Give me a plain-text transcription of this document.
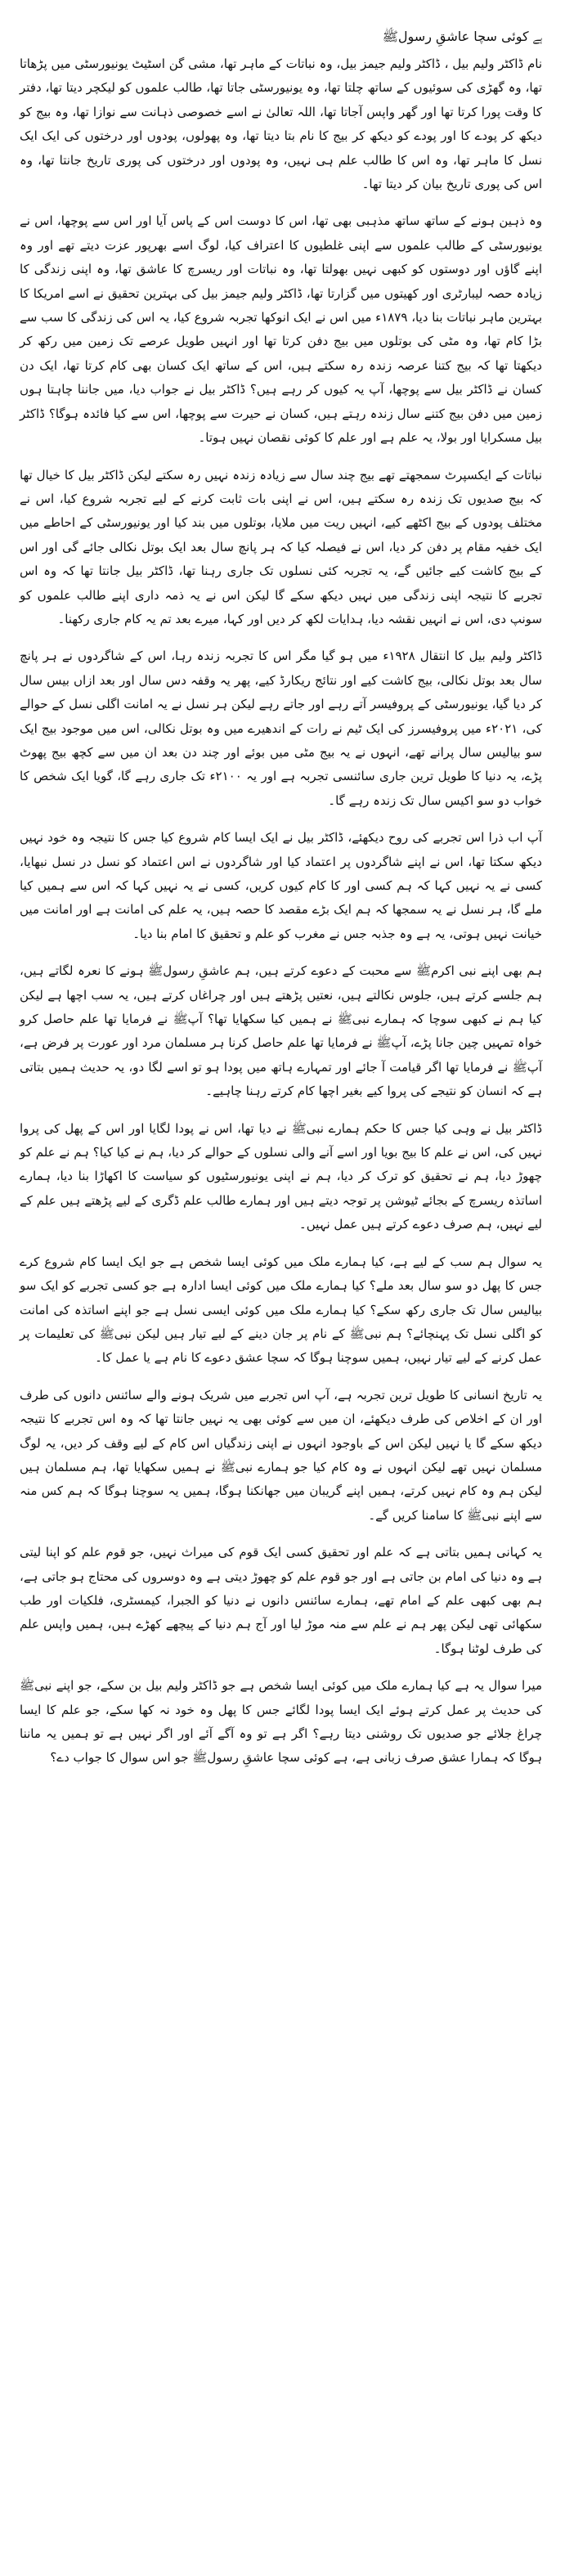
ہے کوئی سچا عاشقِ رسولﷺ

نام ڈاکٹر ولیم بیل ، ڈاکٹر ولیم جیمز بیل، وہ نباتات کے ماہر تھا، مشی گن اسٹیٹ یونیورسٹی میں پڑھاتا تھا، وہ گھڑی کی سوئیوں کے ساتھ چلتا تھا، وہ یونیورسٹی جاتا تھا، طالب علموں کو لیکچر دیتا تھا، دفتر کا وقت پورا کرتا تھا اور گھر واپس آجاتا تھا، اللہ تعالیٰ نے اسے خصوصی ذہانت سے نوازا تھا، وہ بیج کو دیکھ کر پودے کا اور پودے کو دیکھ کر بیج کا نام بتا دیتا تھا، وہ پھولوں، پودوں اور درختوں کی ایک ایک نسل کا ماہر تھا، وہ اس کا طالب علم ہی نہیں، وہ پودوں اور درختوں کی پوری تاریخ جانتا تھا، وہ اس کی پوری تاریخ بیان کر دیتا تھا۔

وہ ذہین ہونے کے ساتھ ساتھ مذہبی بھی تھا، اس کا دوست اس کے پاس آیا اور اس سے پوچھا، اس نے یونیورسٹی کے طالب علموں سے اپنی غلطیوں کا اعتراف کیا، لوگ اسے بھرپور عزت دیتے تھے اور وہ اپنے گاؤں اور دوستوں کو کبھی نہیں بھولتا تھا، وہ نباتات اور ریسرچ کا عاشق تھا، وہ اپنی زندگی کا زیادہ حصہ لیبارٹری اور کھیتوں میں گزارتا تھا، ڈاکٹر ولیم جیمز بیل کی بہترین تحقیق نے اسے امریکا کا بہترین ماہر نباتات بنا دیا، ۱۸۷۹ء میں اس نے ایک انوکھا تجربہ شروع کیا، یہ اس کی زندگی کا سب سے بڑا کام تھا، وہ مٹی کی بوتلوں میں بیج دفن کرتا تھا اور انہیں طویل عرصے تک زمین میں رکھ کر دیکھتا تھا کہ بیج کتنا عرصہ زندہ رہ سکتے ہیں، اس کے ساتھ ایک کسان بھی کام کرتا تھا، ایک دن کسان نے ڈاکٹر بیل سے پوچھا، آپ یہ کیوں کر رہے ہیں؟ ڈاکٹر بیل نے جواب دیا، میں جاننا چاہتا ہوں زمین میں دفن بیج کتنے سال زندہ رہتے ہیں، کسان نے حیرت سے پوچھا، اس سے کیا فائدہ ہوگا؟ ڈاکٹر بیل مسکرایا اور بولا، یہ علم ہے اور علم کا کوئی نقصان نہیں ہوتا۔

نباتات کے ایکسپرٹ سمجھتے تھے بیج چند سال سے زیادہ زندہ نہیں رہ سکتے لیکن ڈاکٹر بیل کا خیال تھا کہ بیج صدیوں تک زندہ رہ سکتے ہیں، اس نے اپنی بات ثابت کرنے کے لیے تجربہ شروع کیا، اس نے مختلف پودوں کے بیج اکٹھے کیے، انہیں ریت میں ملایا، بوتلوں میں بند کیا اور یونیورسٹی کے احاطے میں ایک خفیہ مقام پر دفن کر دیا، اس نے فیصلہ کیا کہ ہر پانچ سال بعد ایک بوتل نکالی جائے گی اور اس کے بیج کاشت کیے جائیں گے، یہ تجربہ کئی نسلوں تک جاری رہنا تھا، ڈاکٹر بیل جانتا تھا کہ وہ اس تجربے کا نتیجہ اپنی زندگی میں نہیں دیکھ سکے گا لیکن اس نے یہ ذمہ داری اپنے طالب علموں کو سونپ دی، اس نے انہیں نقشہ دیا، ہدایات لکھ کر دیں اور کہا، میرے بعد تم یہ کام جاری رکھنا۔

ڈاکٹر ولیم بیل کا انتقال ۱۹۲۸ء میں ہو گیا مگر اس کا تجربہ زندہ رہا، اس کے شاگردوں نے ہر پانچ سال بعد بوتل نکالی، بیج کاشت کیے اور نتائج ریکارڈ کیے، پھر یہ وقفہ دس سال اور بعد ازاں بیس سال کر دیا گیا، یونیورسٹی کے پروفیسر آتے رہے اور جاتے رہے لیکن ہر نسل نے یہ امانت اگلی نسل کے حوالے کی، ۲۰۲۱ء میں پروفیسرز کی ایک ٹیم نے رات کے اندھیرے میں وہ بوتل نکالی، اس میں موجود بیج ایک سو بیالیس سال پرانے تھے، انہوں نے یہ بیج مٹی میں بوئے اور چند دن بعد ان میں سے کچھ بیج پھوٹ پڑے، یہ دنیا کا طویل ترین جاری سائنسی تجربہ ہے اور یہ ۲۱۰۰ء تک جاری رہے گا، گویا ایک شخص کا خواب دو سو اکیس سال تک زندہ رہے گا۔

آپ اب ذرا اس تجربے کی روح دیکھئے، ڈاکٹر بیل نے ایک ایسا کام شروع کیا جس کا نتیجہ وہ خود نہیں دیکھ سکتا تھا، اس نے اپنے شاگردوں پر اعتماد کیا اور شاگردوں نے اس اعتماد کو نسل در نسل نبھایا، کسی نے یہ نہیں کہا کہ ہم کسی اور کا کام کیوں کریں، کسی نے یہ نہیں کہا کہ اس سے ہمیں کیا ملے گا، ہر نسل نے یہ سمجھا کہ ہم ایک بڑے مقصد کا حصہ ہیں، یہ علم کی امانت ہے اور امانت میں خیانت نہیں ہوتی، یہ ہے وہ جذبہ جس نے مغرب کو علم و تحقیق کا امام بنا دیا۔

ہم بھی اپنے نبی اکرمﷺ سے محبت کے دعوے کرتے ہیں، ہم عاشقِ رسولﷺ ہونے کا نعرہ لگاتے ہیں، ہم جلسے کرتے ہیں، جلوس نکالتے ہیں، نعتیں پڑھتے ہیں اور چراغاں کرتے ہیں، یہ سب اچھا ہے لیکن کیا ہم نے کبھی سوچا کہ ہمارے نبیﷺ نے ہمیں کیا سکھایا تھا؟ آپﷺ نے فرمایا تھا علم حاصل کرو خواہ تمہیں چین جانا پڑے، آپﷺ نے فرمایا تھا علم حاصل کرنا ہر مسلمان مرد اور عورت پر فرض ہے، آپﷺ نے فرمایا تھا اگر قیامت آ جائے اور تمہارے ہاتھ میں پودا ہو تو اسے لگا دو، یہ حدیث ہمیں بتاتی ہے کہ انسان کو نتیجے کی پروا کیے بغیر اچھا کام کرتے رہنا چاہیے۔

ڈاکٹر بیل نے وہی کیا جس کا حکم ہمارے نبیﷺ نے دیا تھا، اس نے پودا لگایا اور اس کے پھل کی پروا نہیں کی، اس نے علم کا بیج بویا اور اسے آنے والی نسلوں کے حوالے کر دیا، ہم نے کیا کیا؟ ہم نے علم کو چھوڑ دیا، ہم نے تحقیق کو ترک کر دیا، ہم نے اپنی یونیورسٹیوں کو سیاست کا اکھاڑا بنا دیا، ہمارے اساتذہ ریسرچ کے بجائے ٹیوشن پر توجہ دیتے ہیں اور ہمارے طالب علم ڈگری کے لیے پڑھتے ہیں علم کے لیے نہیں، ہم صرف دعوے کرتے ہیں عمل نہیں۔

یہ سوال ہم سب کے لیے ہے، کیا ہمارے ملک میں کوئی ایسا شخص ہے جو ایک ایسا کام شروع کرے جس کا پھل دو سو سال بعد ملے؟ کیا ہمارے ملک میں کوئی ایسا ادارہ ہے جو کسی تجربے کو ایک سو بیالیس سال تک جاری رکھ سکے؟ کیا ہمارے ملک میں کوئی ایسی نسل ہے جو اپنے اساتذہ کی امانت کو اگلی نسل تک پہنچائے؟ ہم نبیﷺ کے نام پر جان دینے کے لیے تیار ہیں لیکن نبیﷺ کی تعلیمات پر عمل کرنے کے لیے تیار نہیں، ہمیں سوچنا ہوگا کہ سچا عشق دعوے کا نام ہے یا عمل کا۔

یہ تاریخ انسانی کا طویل ترین تجربہ ہے، آپ اس تجربے میں شریک ہونے والے سائنس دانوں کی طرف اور ان کے اخلاص کی طرف دیکھئے، ان میں سے کوئی بھی یہ نہیں جانتا تھا کہ وہ اس تجربے کا نتیجہ دیکھ سکے گا یا نہیں لیکن اس کے باوجود انہوں نے اپنی زندگیاں اس کام کے لیے وقف کر دیں، یہ لوگ مسلمان نہیں تھے لیکن انہوں نے وہ کام کیا جو ہمارے نبیﷺ نے ہمیں سکھایا تھا، ہم مسلمان ہیں لیکن ہم وہ کام نہیں کرتے، ہمیں اپنے گریبان میں جھانکنا ہوگا، ہمیں یہ سوچنا ہوگا کہ ہم کس منہ سے اپنے نبیﷺ کا سامنا کریں گے۔

یہ کہانی ہمیں بتاتی ہے کہ علم اور تحقیق کسی ایک قوم کی میراث نہیں، جو قوم علم کو اپنا لیتی ہے وہ دنیا کی امام بن جاتی ہے اور جو قوم علم کو چھوڑ دیتی ہے وہ دوسروں کی محتاج ہو جاتی ہے، ہم بھی کبھی علم کے امام تھے، ہمارے سائنس دانوں نے دنیا کو الجبرا، کیمسٹری، فلکیات اور طب سکھائی تھی لیکن پھر ہم نے علم سے منہ موڑ لیا اور آج ہم دنیا کے پیچھے کھڑے ہیں، ہمیں واپس علم کی طرف لوٹنا ہوگا۔

میرا سوال یہ ہے کیا ہمارے ملک میں کوئی ایسا شخص ہے جو ڈاکٹر ولیم بیل بن سکے، جو اپنے نبیﷺ کی حدیث پر عمل کرتے ہوئے ایک ایسا پودا لگائے جس کا پھل وہ خود نہ کھا سکے، جو علم کا ایسا چراغ جلائے جو صدیوں تک روشنی دیتا رہے؟ اگر ہے تو وہ آگے آئے اور اگر نہیں ہے تو ہمیں یہ ماننا ہوگا کہ ہمارا عشق صرف زبانی ہے، ہے کوئی سچا عاشقِ رسولﷺ جو اس سوال کا جواب دے؟
